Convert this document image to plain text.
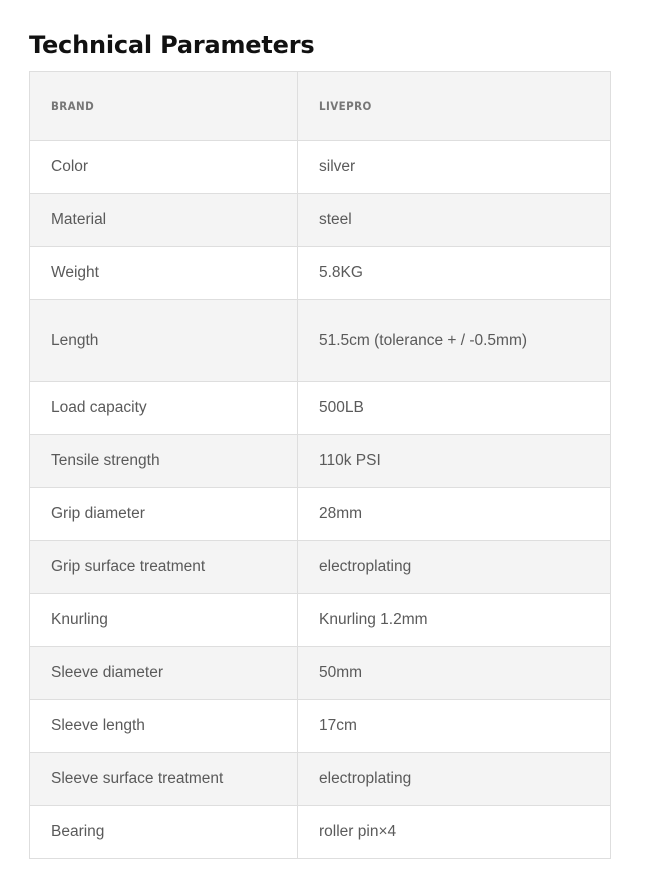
Technical Parameters
BRAND	LIVEPRO
Color	silver
Material	steel
Weight	5.8KG
Length	51.5cm (tolerance + / -0.5mm)
Load capacity	500LB
Tensile strength	110k PSI
Grip diameter	28mm
Grip surface treatment	electroplating
Knurling	Knurling 1.2mm
Sleeve diameter	50mm
Sleeve length	17cm
Sleeve surface treatment	electroplating
Bearing	roller pin×4
